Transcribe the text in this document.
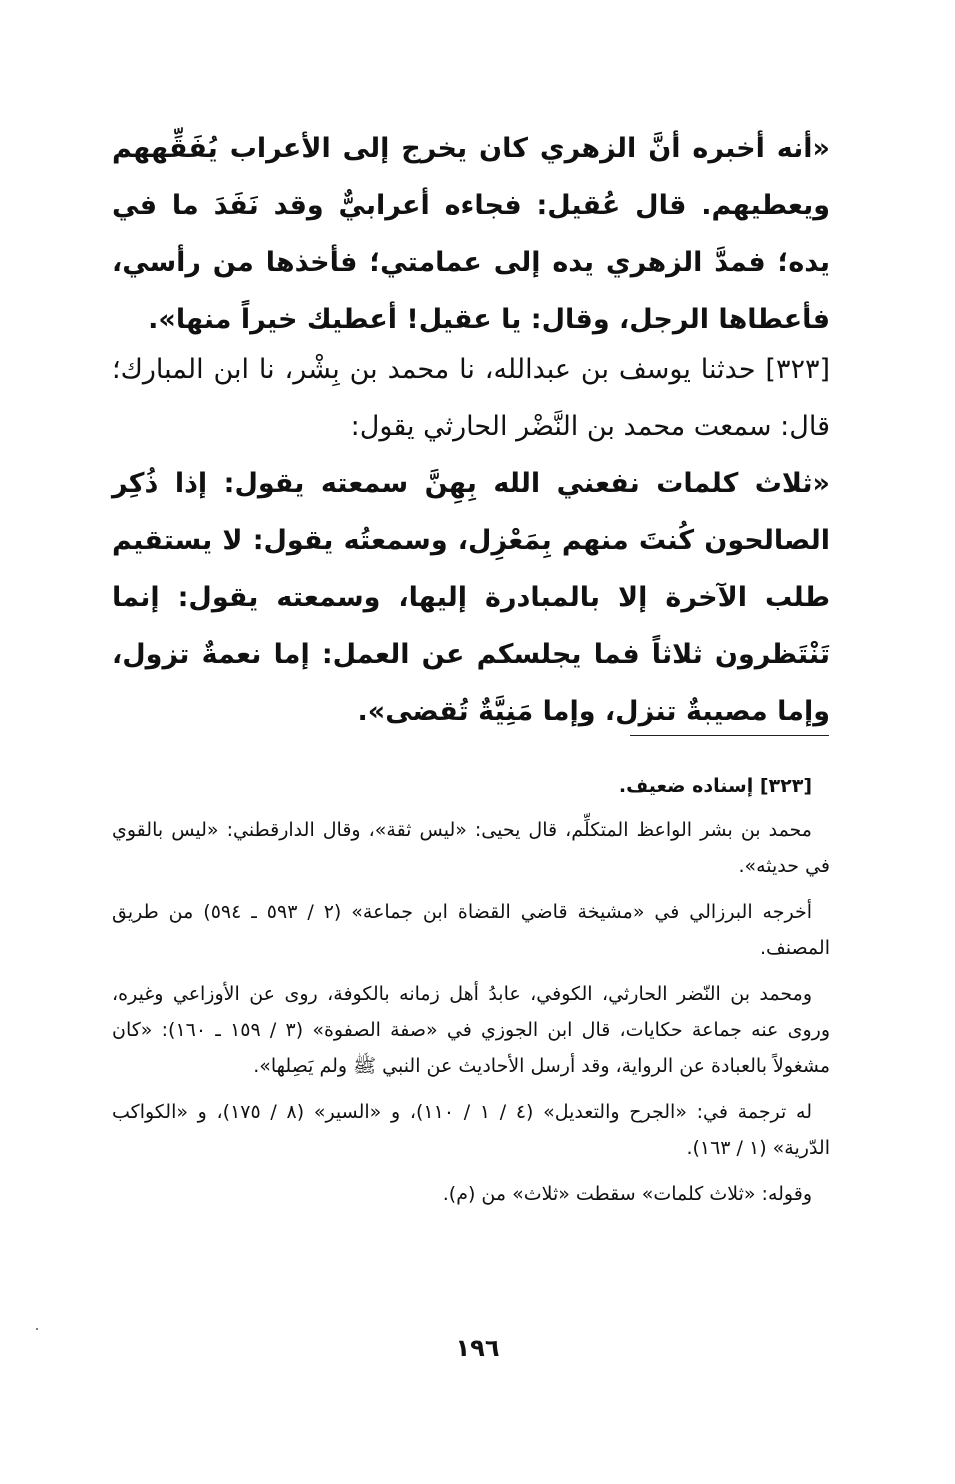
«أنه أخبره أنَّ الزهري كان يخرج إلى الأعراب يُفَقِّههم ويعطيهم. قال عُقيل: فجاءه أعرابيٌّ وقد نَفَدَ ما في يده؛ فمدَّ الزهري يده إلى عمامتي؛ فأخذها من رأسي، فأعطاها الرجل، وقال: يا عقيل! أعطيك خيراً منها».

[٣٢٣] حدثنا يوسف بن عبدالله، نا محمد بن بِشْر، نا ابن المبارك؛ قال: سمعت محمد بن النَّضْر الحارثي يقول:

«ثلاث كلمات نفعني الله بِهِنَّ سمعته يقول: إذا ذُكِر الصالحون كُنتَ منهم بِمَعْزِل، وسمعتُه يقول: لا يستقيم طلب الآخرة إلا بالمبادرة إليها، وسمعته يقول: إنما تَنْتَظرون ثلاثاً فما يجلسكم عن العمل: إما نعمةٌ تزول، وإما مصيبةٌ تنزل، وإما مَنِيَّةٌ تُقضى».

[٣٢٣] إسناده ضعيف.

محمد بن بشر الواعظ المتكلِّم، قال يحيى: «ليس ثقة»، وقال الدارقطني: «ليس بالقوي في حديثه».

أخرجه البرزالي في «مشيخة قاضي القضاة ابن جماعة» (٢ / ٥٩٣ ـ ٥٩٤) من طريق المصنف.

ومحمد بن النّضر الحارثي، الكوفي، عابدُ أهل زمانه بالكوفة، روى عن الأوزاعي وغيره، وروى عنه جماعة حكايات، قال ابن الجوزي في «صفة الصفوة» (٣ / ١٥٩ ـ ١٦٠): «كان مشغولاً بالعبادة عن الرواية، وقد أرسل الأحاديث عن النبي ﷺ ولم يَصِلها».

له ترجمة في: «الجرح والتعديل» (٤ / ١ / ١١٠)، و «السير» (٨ / ١٧٥)، و «الكواكب الدّرية» (١ / ١٦٣).

وقوله: «ثلاث كلمات» سقطت «ثلاث» من (م).

١٩٦
